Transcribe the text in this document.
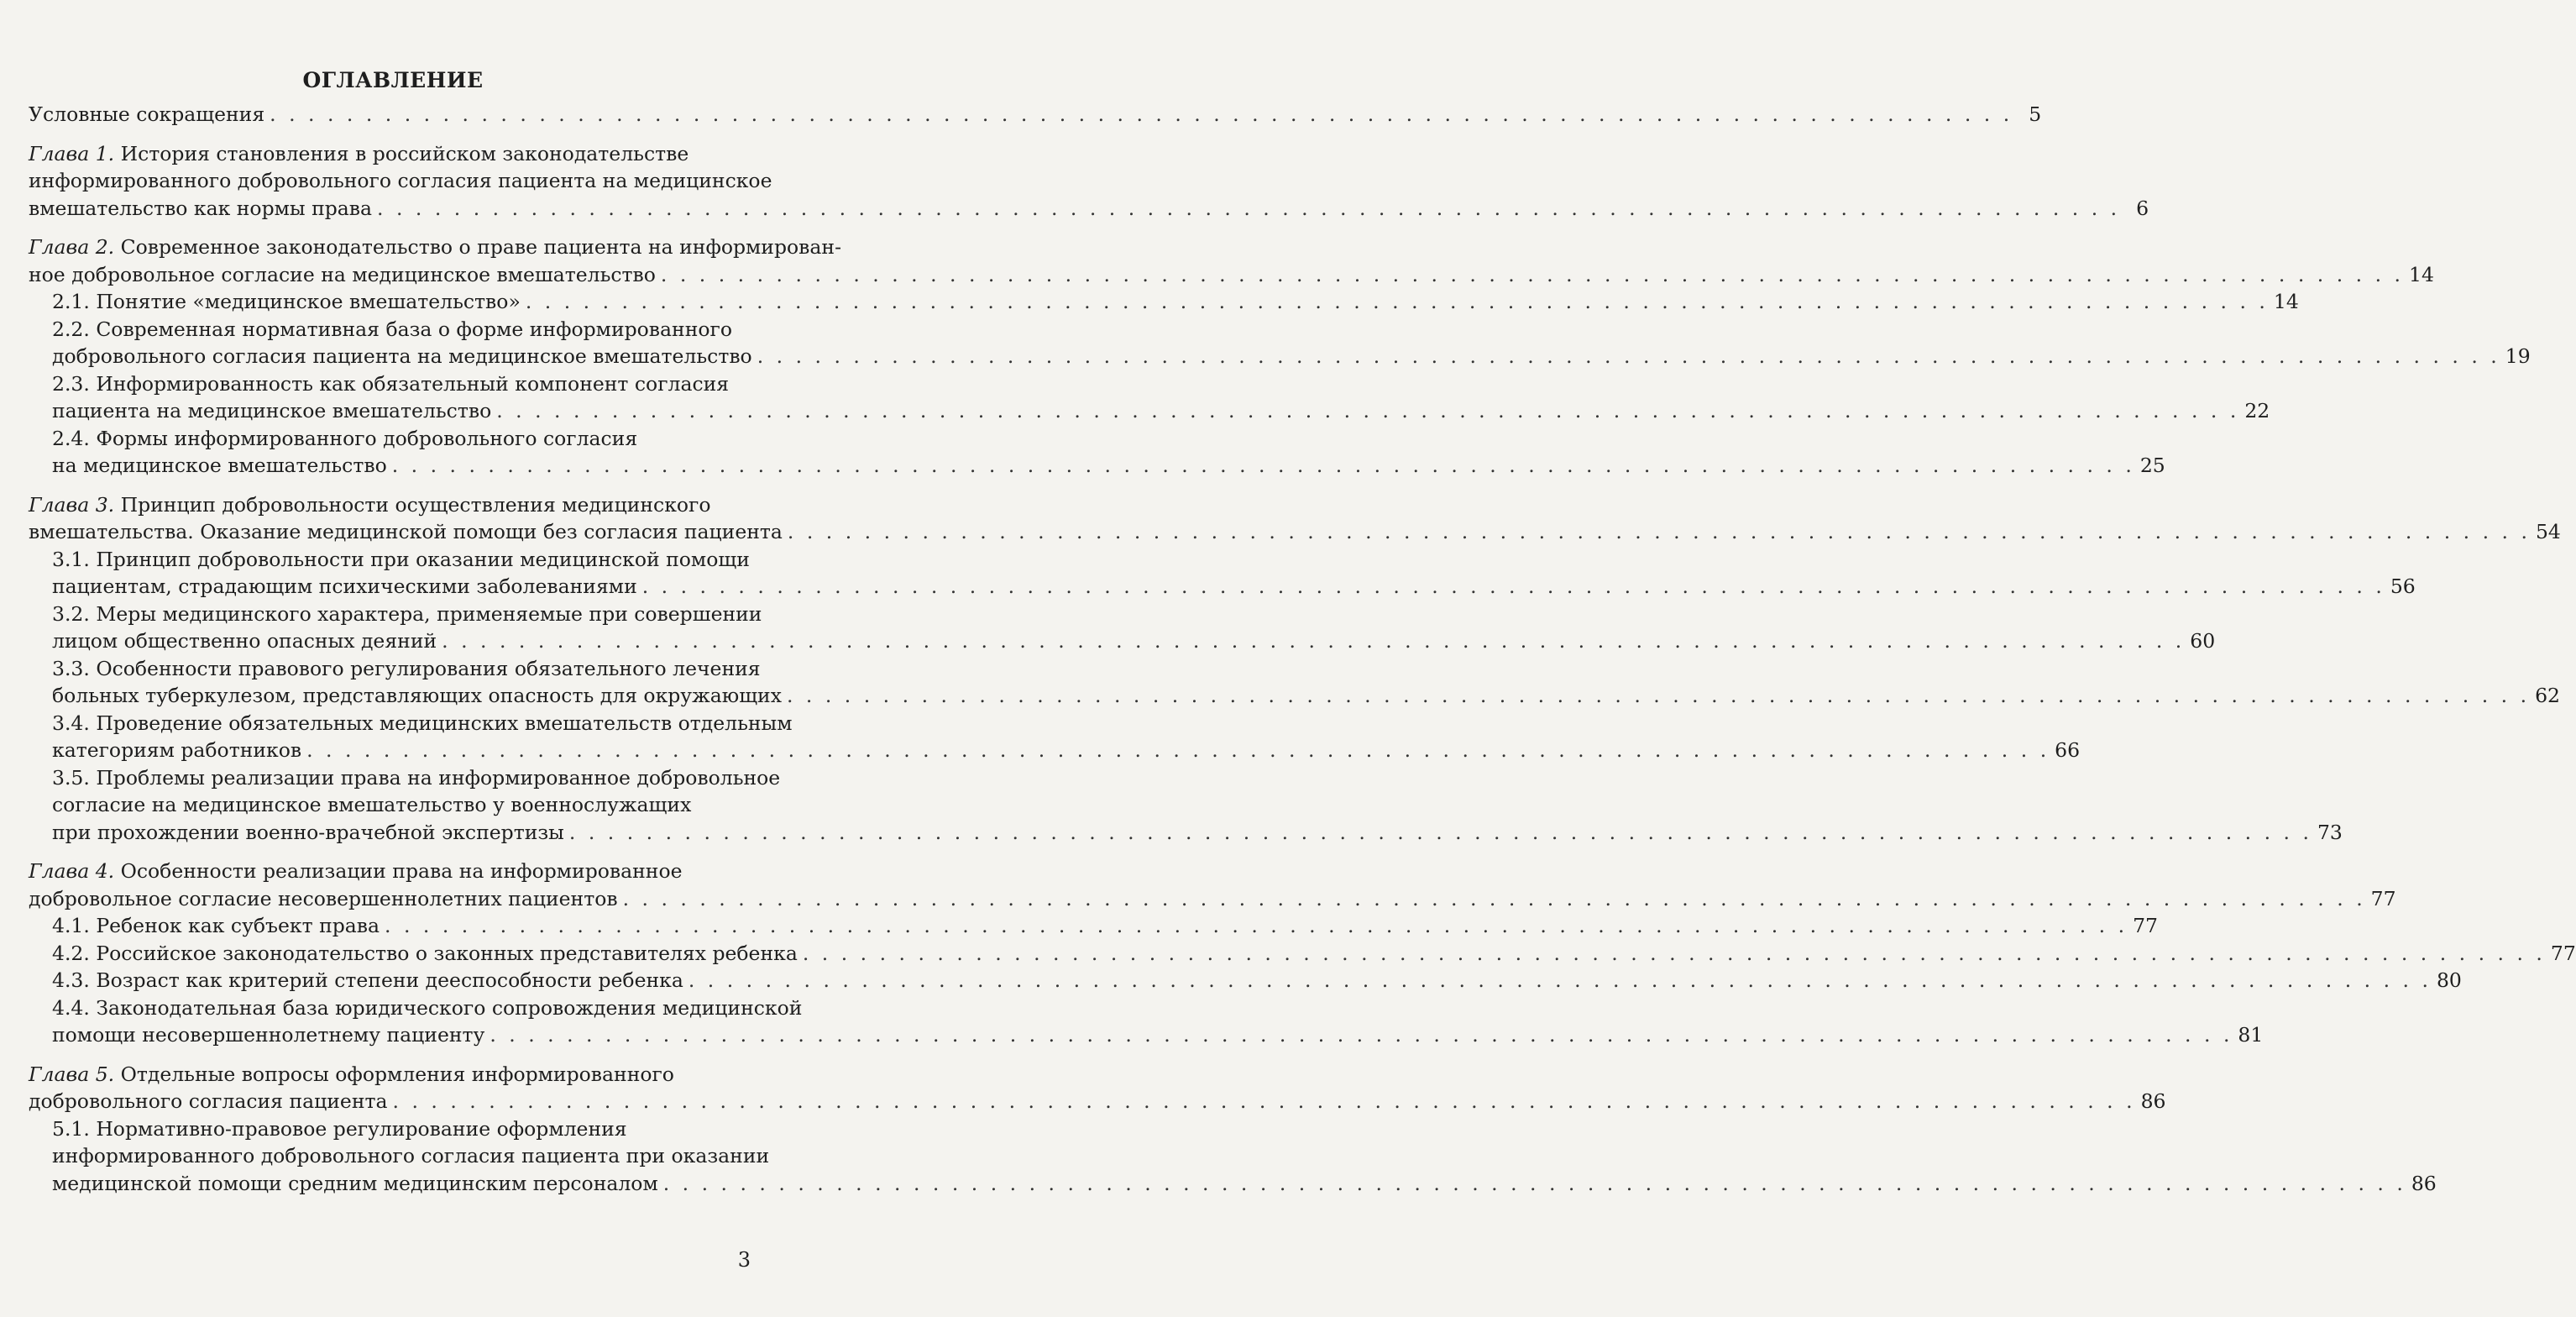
ОГЛАВЛЕНИЕ
Условные сокращения . . .	5
Глава 1. История становления в российском законодательстве
информированного добровольного согласия пациента на медицинское
вмешательство как нормы права . . .	6
Глава 2. Современное законодательство о праве пациента на информирован-
ное добровольное согласие на медицинское вмешательство . . .	14
2.1. Понятие «медицинское вмешательство» . . .	14
2.2. Современная нормативная база о форме информированного
добровольного согласия пациента на медицинское вмешательство . . .	19
2.3. Информированность как обязательный компонент согласия
пациента на медицинское вмешательство . . .	22
2.4. Формы информированного добровольного согласия
на медицинское вмешательство . . .	25
Глава 3. Принцип добровольности осуществления медицинского
вмешательства. Оказание медицинской помощи без согласия пациента . . .	54
3.1. Принцип добровольности при оказании медицинской помощи
пациентам, страдающим психическими заболеваниями . . .	56
3.2. Меры медицинского характера, применяемые при совершении
лицом общественно опасных деяний . . .	60
3.3. Особенности правового регулирования обязательного лечения
больных туберкулезом, представляющих опасность для окружающих . . .	62
3.4. Проведение обязательных медицинских вмешательств отдельным
категориям работников . . .	66
3.5. Проблемы реализации права на информированное добровольное
согласие на медицинское вмешательство у военнослужащих
при прохождении военно-врачебной экспертизы . . .	73
Глава 4. Особенности реализации права на информированное
добровольное согласие несовершеннолетних пациентов . . .	77
4.1. Ребенок как субъект права . . .	77
4.2. Российское законодательство о законных представителях ребенка . . .	77
4.3. Возраст как критерий степени дееспособности ребенка . . .	80
4.4. Законодательная база юридического сопровождения медицинской
помощи несовершеннолетнему пациенту . . .	81
Глава 5. Отдельные вопросы оформления информированного
добровольного согласия пациента . . .	86
5.1. Нормативно-правовое регулирование оформления
информированного добровольного согласия пациента при оказании
медицинской помощи средним медицинским персоналом . . .	86
3
